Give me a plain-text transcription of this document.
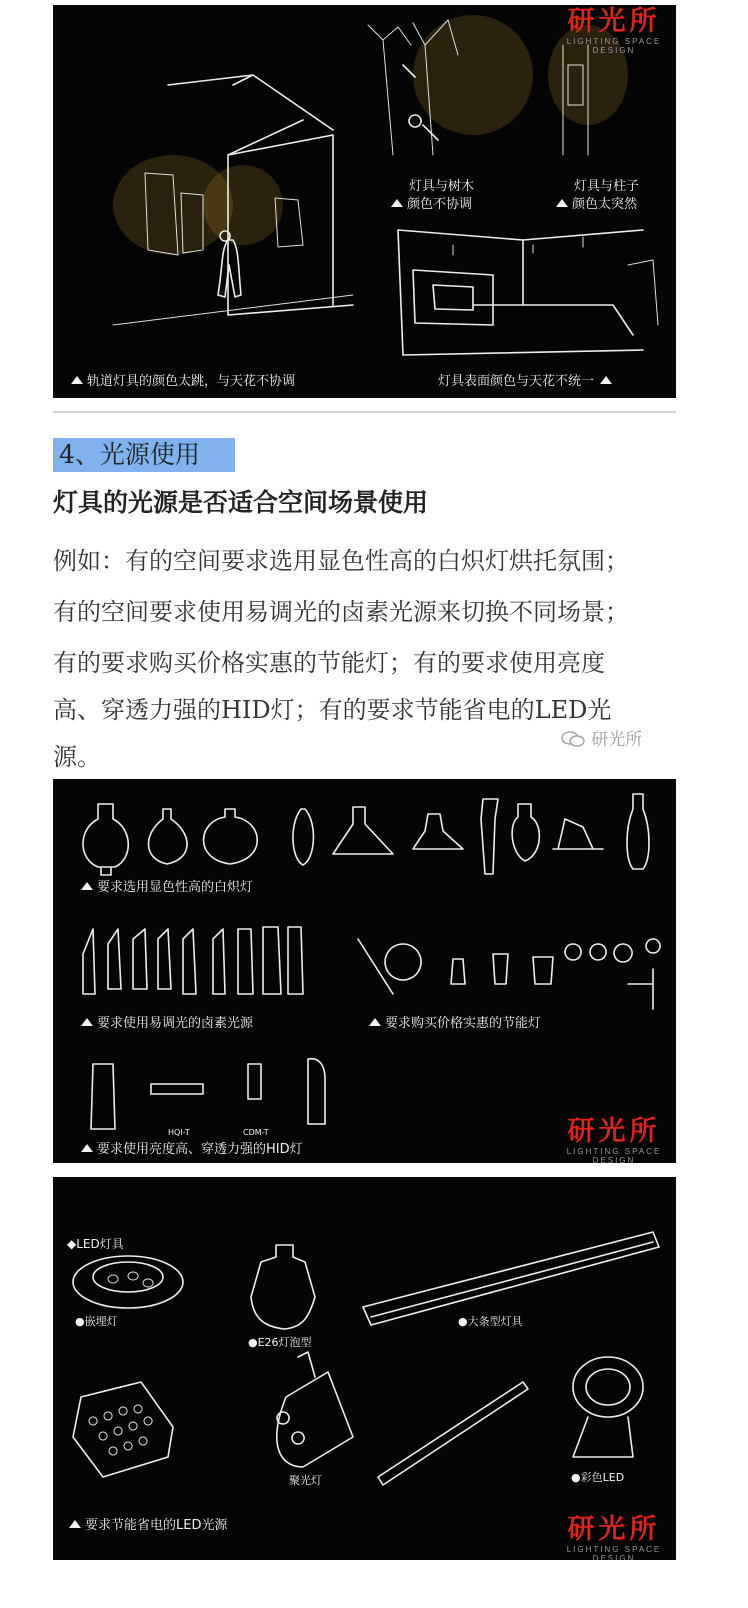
研光所
LIGHTING SPACE DESIGN
灯具与树木
颜色不协调
灯具与柱子
颜色太突然
轨道灯具的颜色太跳，与天花不协调	灯具表面颜色与天花不统一
4、光源使用
灯具的光源是否适合空间场景使用
例如：有的空间要求选用显色性高的白炽灯烘托氛围；
有的空间要求使用易调光的卤素光源来切换不同场景；
有的要求购买价格实惠的节能灯；有的要求使用亮度
高、穿透力强的HID灯；有的要求节能省电的LED光
源。
研光所
要求选用显色性高的白炽灯
要求使用易调光的卤素光源	要求购买价格实惠的节能灯
HQI-T	CDM-T
要求使用亮度高、穿透力强的HID灯
研光所
LIGHTING SPACE DESIGN
◆LED灯具
●嵌埋灯
●E26灯泡型
●大条型灯具
聚光灯	●彩色LED
要求节能省电的LED光源	研光所
LIGHTING SPACE DESIGN
